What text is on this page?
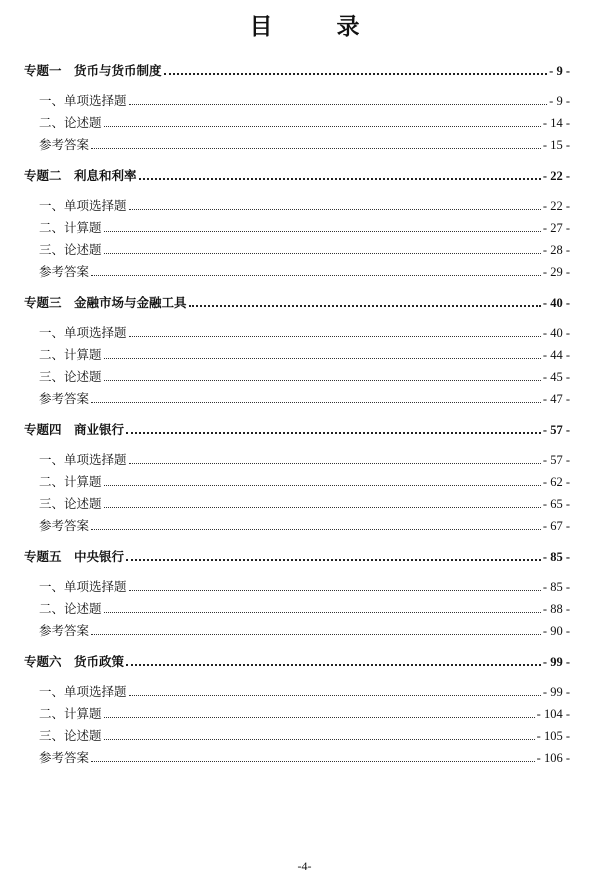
目 录
专题一　货币与货币制度	- 9 -
一、单项选择题	- 9 -
二、论述题	- 14 -
参考答案	- 15 -
专题二　利息和利率	- 22 -
一、单项选择题	- 22 -
二、计算题	- 27 -
三、论述题	- 28 -
参考答案	- 29 -
专题三　金融市场与金融工具	- 40 -
一、单项选择题	- 40 -
二、计算题	- 44 -
三、论述题	- 45 -
参考答案	- 47 -
专题四　商业银行	- 57 -
一、单项选择题	- 57 -
二、计算题	- 62 -
三、论述题	- 65 -
参考答案	- 67 -
专题五　中央银行	- 85 -
一、单项选择题	- 85 -
二、论述题	- 88 -
参考答案	- 90 -
专题六　货币政策	- 99 -
一、单项选择题	- 99 -
二、计算题	- 104 -
三、论述题	- 105 -
参考答案	- 106 -
-4-
